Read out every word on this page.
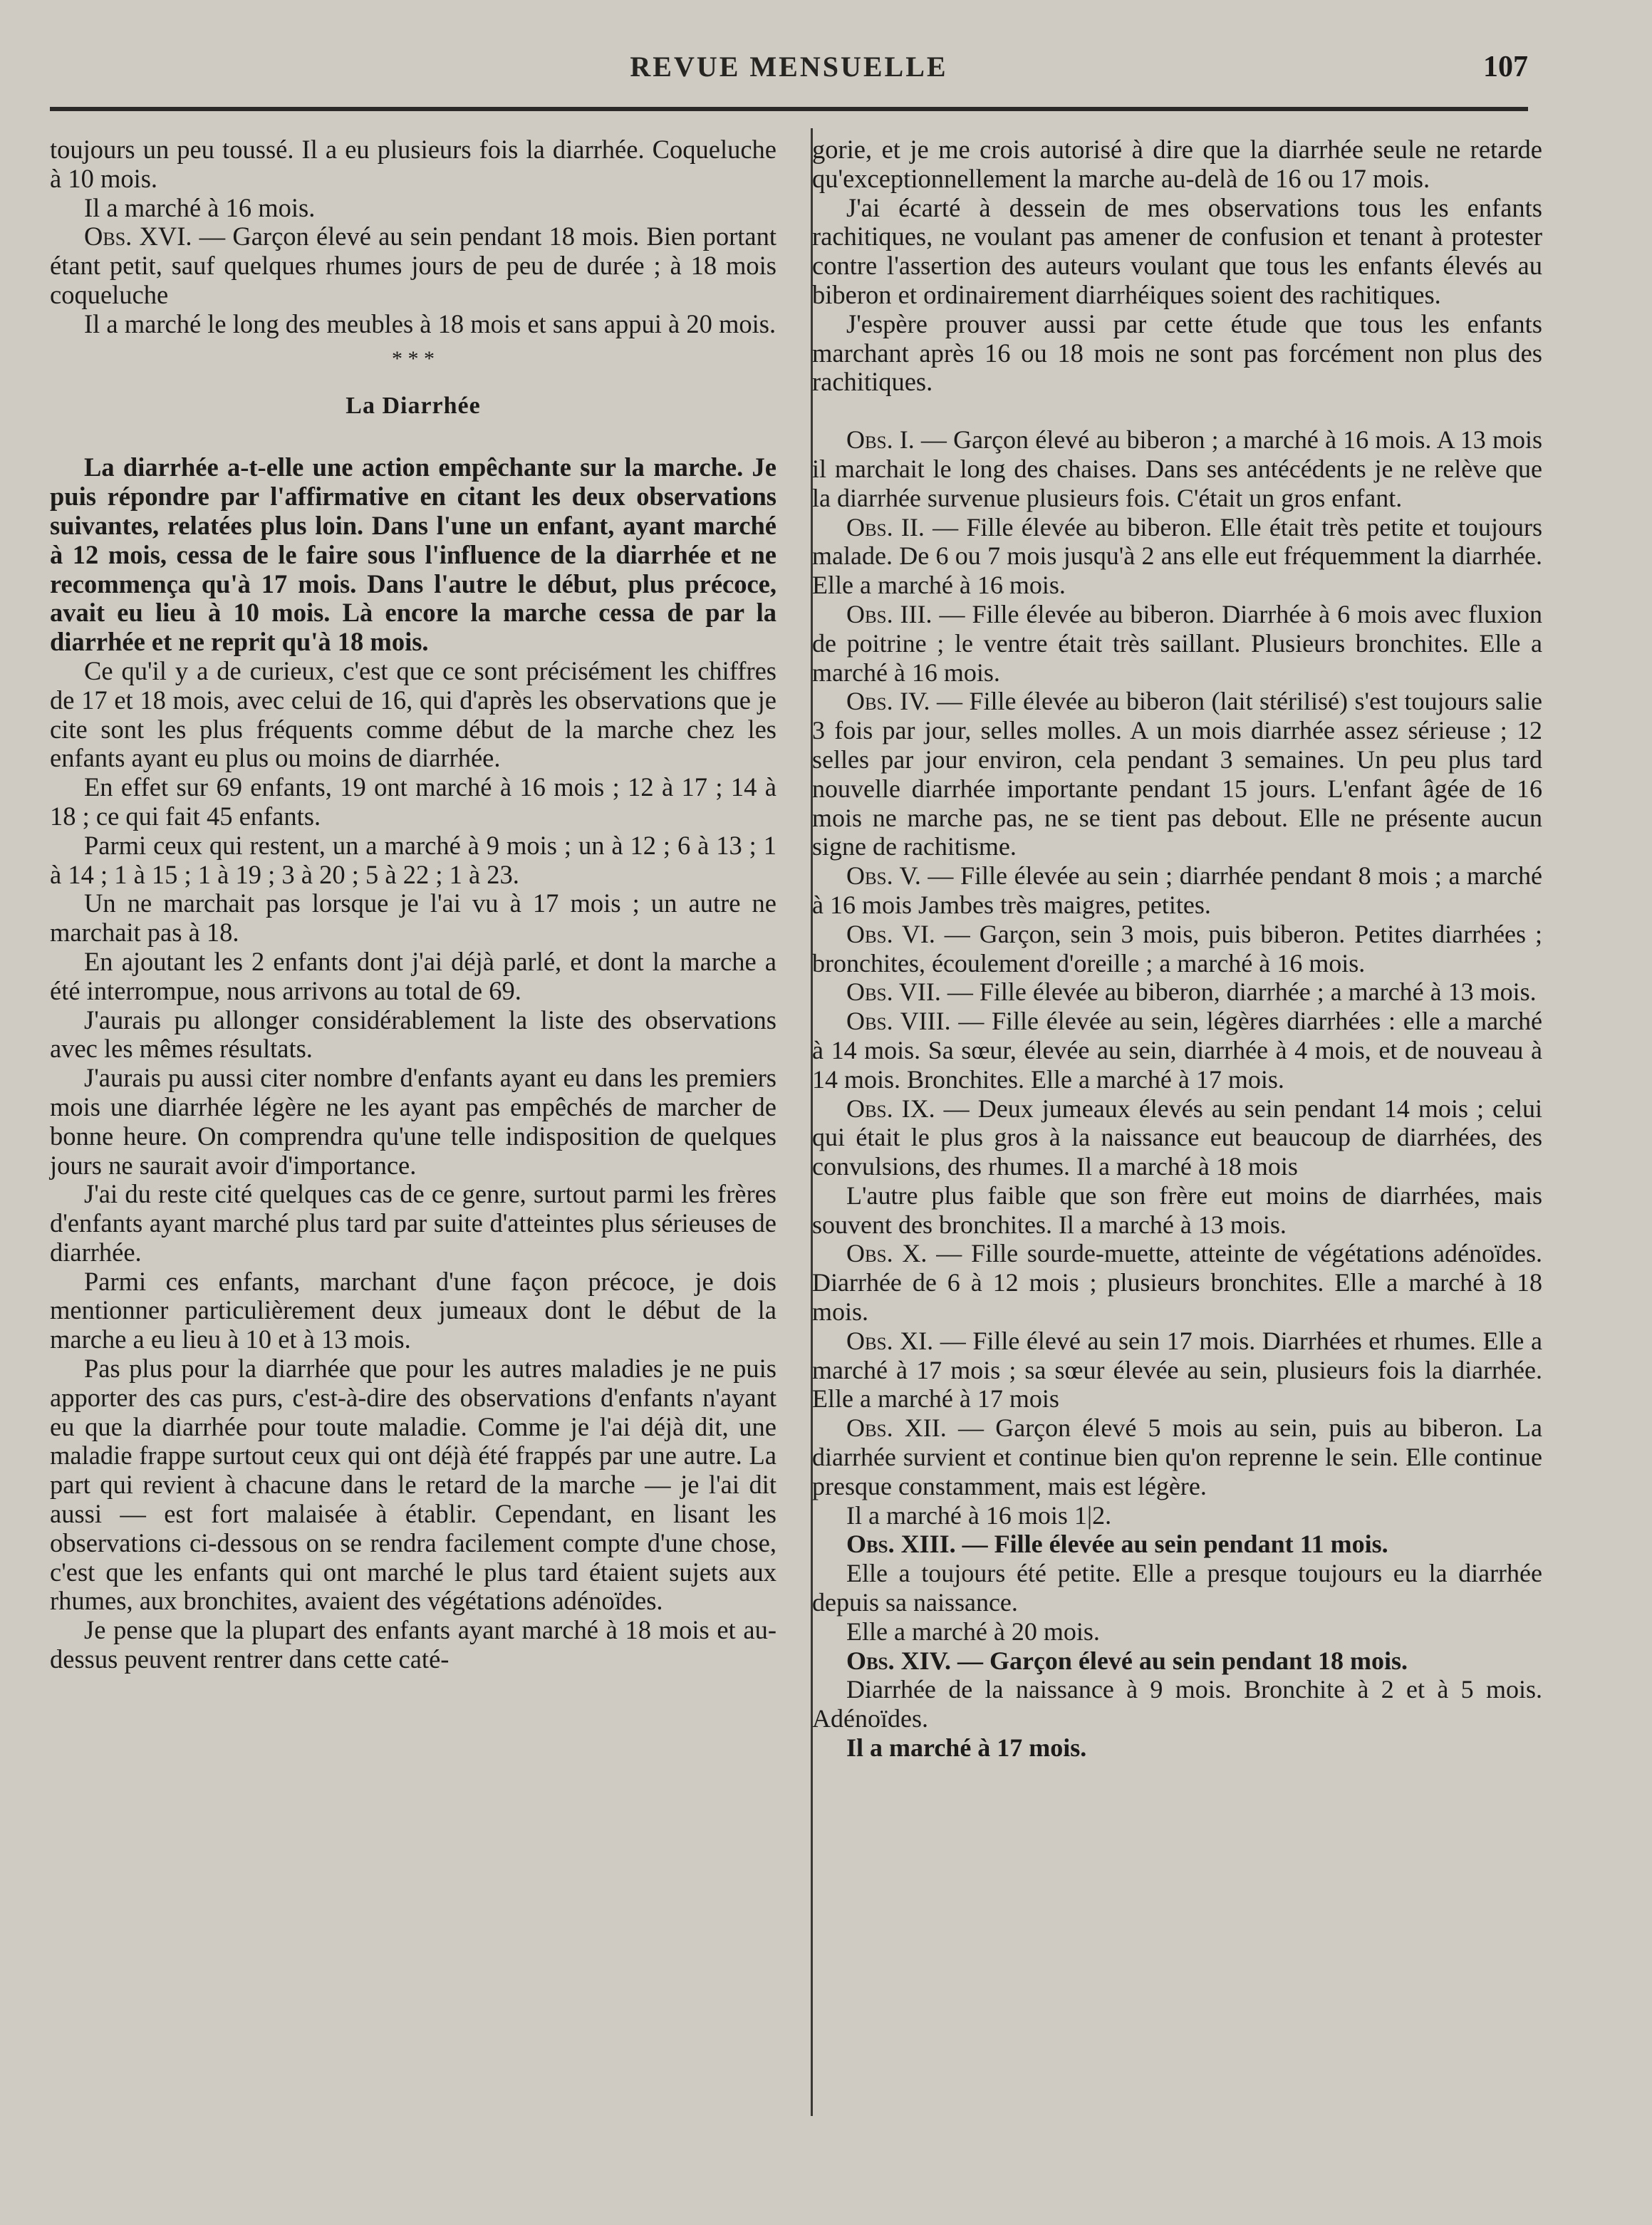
REVUE MENSUELLE	107

toujours un peu toussé. Il a eu plusieurs fois la diarrhée. Coqueluche à 10 mois.

Il a marché à 16 mois.

Obs. XVI. — Garçon élevé au sein pendant 18 mois. Bien portant étant petit, sauf quelques rhumes jours de peu de durée ; à 18 mois coqueluche

Il a marché le long des meubles à 18 mois et sans appui à 20 mois.

* * *
La Diarrhée

La diarrhée a-t-elle une action empêchante sur la marche. Je puis répondre par l'affirmative en citant les deux observations suivantes, relatées plus loin. Dans l'une un enfant, ayant marché à 12 mois, cessa de le faire sous l'influence de la diarrhée et ne recommença qu'à 17 mois. Dans l'autre le début, plus précoce, avait eu lieu à 10 mois. Là encore la marche cessa de par la diarrhée et ne reprit qu'à 18 mois.

Ce qu'il y a de curieux, c'est que ce sont précisément les chiffres de 17 et 18 mois, avec celui de 16, qui d'après les observations que je cite sont les plus fréquents comme début de la marche chez les enfants ayant eu plus ou moins de diarrhée.

En effet sur 69 enfants, 19 ont marché à 16 mois ; 12 à 17 ; 14 à 18 ; ce qui fait 45 enfants.

Parmi ceux qui restent, un a marché à 9 mois ; un à 12 ; 6 à 13 ; 1 à 14 ; 1 à 15 ; 1 à 19 ; 3 à 20 ; 5 à 22 ; 1 à 23.

Un ne marchait pas lorsque je l'ai vu à 17 mois ; un autre ne marchait pas à 18.

En ajoutant les 2 enfants dont j'ai déjà parlé, et dont la marche a été interrompue, nous arrivons au total de 69.

J'aurais pu allonger considérablement la liste des observations avec les mêmes résultats.

J'aurais pu aussi citer nombre d'enfants ayant eu dans les premiers mois une diarrhée légère ne les ayant pas empêchés de marcher de bonne heure. On comprendra qu'une telle indisposition de quelques jours ne saurait avoir d'importance.

J'ai du reste cité quelques cas de ce genre, surtout parmi les frères d'enfants ayant marché plus tard par suite d'atteintes plus sérieuses de diarrhée.

Parmi ces enfants, marchant d'une façon précoce, je dois mentionner particulièrement deux jumeaux dont le début de la marche a eu lieu à 10 et à 13 mois.

Pas plus pour la diarrhée que pour les autres maladies je ne puis apporter des cas purs, c'est-à-dire des observations d'enfants n'ayant eu que la diarrhée pour toute maladie. Comme je l'ai déjà dit, une maladie frappe surtout ceux qui ont déjà été frappés par une autre. La part qui revient à chacune dans le retard de la marche — je l'ai dit aussi — est fort malaisée à établir. Cependant, en lisant les observations ci-dessous on se rendra facilement compte d'une chose, c'est que les enfants qui ont marché le plus tard étaient sujets aux rhumes, aux bronchites, avaient des végétations adénoïdes.

Je pense que la plupart des enfants ayant marché à 18 mois et au-dessus peuvent rentrer dans cette caté-

gorie, et je me crois autorisé à dire que la diarrhée seule ne retarde qu'exceptionnellement la marche au-delà de 16 ou 17 mois.

J'ai écarté à dessein de mes observations tous les enfants rachitiques, ne voulant pas amener de confusion et tenant à protester contre l'assertion des auteurs voulant que tous les enfants élevés au biberon et ordinairement diarrhéiques soient des rachitiques.

J'espère prouver aussi par cette étude que tous les enfants marchant après 16 ou 18 mois ne sont pas forcément non plus des rachitiques.

Obs. I. — Garçon élevé au biberon ; a marché à 16 mois. A 13 mois il marchait le long des chaises. Dans ses antécédents je ne relève que la diarrhée survenue plusieurs fois. C'était un gros enfant.

Obs. II. — Fille élevée au biberon. Elle était très petite et toujours malade. De 6 ou 7 mois jusqu'à 2 ans elle eut fréquemment la diarrhée. Elle a marché à 16 mois.

Obs. III. — Fille élevée au biberon. Diarrhée à 6 mois avec fluxion de poitrine ; le ventre était très saillant. Plusieurs bronchites. Elle a marché à 16 mois.

Obs. IV. — Fille élevée au biberon (lait stérilisé) s'est toujours salie 3 fois par jour, selles molles. A un mois diarrhée assez sérieuse ; 12 selles par jour environ, cela pendant 3 semaines. Un peu plus tard nouvelle diarrhée importante pendant 15 jours. L'enfant âgée de 16 mois ne marche pas, ne se tient pas debout. Elle ne présente aucun signe de rachitisme.

Obs. V. — Fille élevée au sein ; diarrhée pendant 8 mois ; a marché à 16 mois Jambes très maigres, petites.

Obs. VI. — Garçon, sein 3 mois, puis biberon. Petites diarrhées ; bronchites, écoulement d'oreille ; a marché à 16 mois.

Obs. VII. — Fille élevée au biberon, diarrhée ; a marché à 13 mois.

Obs. VIII. — Fille élevée au sein, légères diarrhées : elle a marché à 14 mois. Sa sœur, élevée au sein, diarrhée à 4 mois, et de nouveau à 14 mois. Bronchites. Elle a marché à 17 mois.

Obs. IX. — Deux jumeaux élevés au sein pendant 14 mois ; celui qui était le plus gros à la naissance eut beaucoup de diarrhées, des convulsions, des rhumes. Il a marché à 18 mois

L'autre plus faible que son frère eut moins de diarrhées, mais souvent des bronchites. Il a marché à 13 mois.

Obs. X. — Fille sourde-muette, atteinte de végétations adénoïdes. Diarrhée de 6 à 12 mois ; plusieurs bronchites. Elle a marché à 18 mois.

Obs. XI. — Fille élevé au sein 17 mois. Diarrhées et rhumes. Elle a marché à 17 mois ; sa sœur élevée au sein, plusieurs fois la diarrhée. Elle a marché à 17 mois

Obs. XII. — Garçon élevé 5 mois au sein, puis au biberon. La diarrhée survient et continue bien qu'on reprenne le sein. Elle continue presque constamment, mais est légère.

Il a marché à 16 mois 1|2.

Obs. XIII. — Fille élevée au sein pendant 11 mois.

Elle a toujours été petite. Elle a presque toujours eu la diarrhée depuis sa naissance.

Elle a marché à 20 mois.

Obs. XIV. — Garçon élevé au sein pendant 18 mois.

Diarrhée de la naissance à 9 mois. Bronchite à 2 et à 5 mois. Adénoïdes.

Il a marché à 17 mois.
